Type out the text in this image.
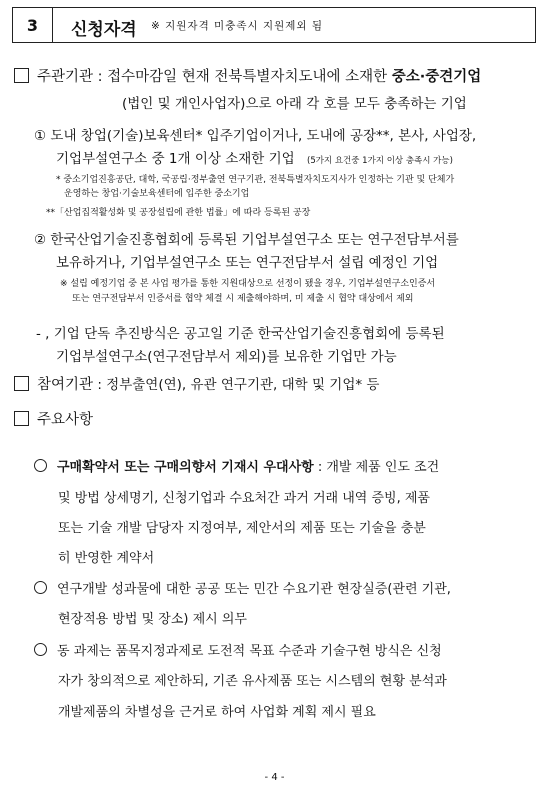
3	신청자격 ※ 지원자격 미충족시 지원제외 됨
주관기관 : 접수마감일 현재 전북특별자치도내에 소재한 중소·중견기업
(법인 및 개인사업자)으로 아래 각 호를 모두 충족하는 기업
① 도내 창업(기술)보육센터* 입주기업이거나, 도내에 공장**, 본사, 사업장,
기업부설연구소 중 1개 이상 소재한 기업 (5가지 요건중 1가지 이상 충족시 가능)
* 중소기업진흥공단, 대학, 국공립·정부출연 연구기관, 전북특별자치도지사가 인정하는 기관 및 단체가
운영하는 창업·기술보육센터에 입주한 중소기업
**「산업집적활성화 및 공장설립에 관한 법률」에 따라 등록된 공장
② 한국산업기술진흥협회에 등록된 기업부설연구소 또는 연구전담부서를
보유하거나, 기업부설연구소 또는 연구전담부서 설립 예정인 기업
※ 설립 예정기업 중 본 사업 평가를 통한 지원대상으로 선정이 됐을 경우, 기업부설연구소인증서
또는 연구전담부서 인증서를 협약 체결 시 제출해야하며, 미 제출 시 협약 대상에서 제외
- , 기업 단독 추진방식은 공고일 기준 한국산업기술진흥협회에 등록된
기업부설연구소(연구전담부서 제외)를 보유한 기업만 가능
참여기관 : 정부출연(연), 유관 연구기관, 대학 및 기업* 등
주요사항
구매확약서 또는 구매의향서 기재시 우대사항 : 개발 제품 인도 조건
및 방법 상세명기, 신청기업과 수요처간 과거 거래 내역 증빙, 제품
또는 기술 개발 담당자 지정여부, 제안서의 제품 또는 기술을 충분
히 반영한 계약서
연구개발 성과물에 대한 공공 또는 민간 수요기관 현장실증(관련 기관,
현장적용 방법 및 장소) 제시 의무
동 과제는 품목지정과제로 도전적 목표 수준과 기술구현 방식은 신청
자가 창의적으로 제안하되, 기존 유사제품 또는 시스템의 현황 분석과
개발제품의 차별성을 근거로 하여 사업화 계획 제시 필요
- 4 -
